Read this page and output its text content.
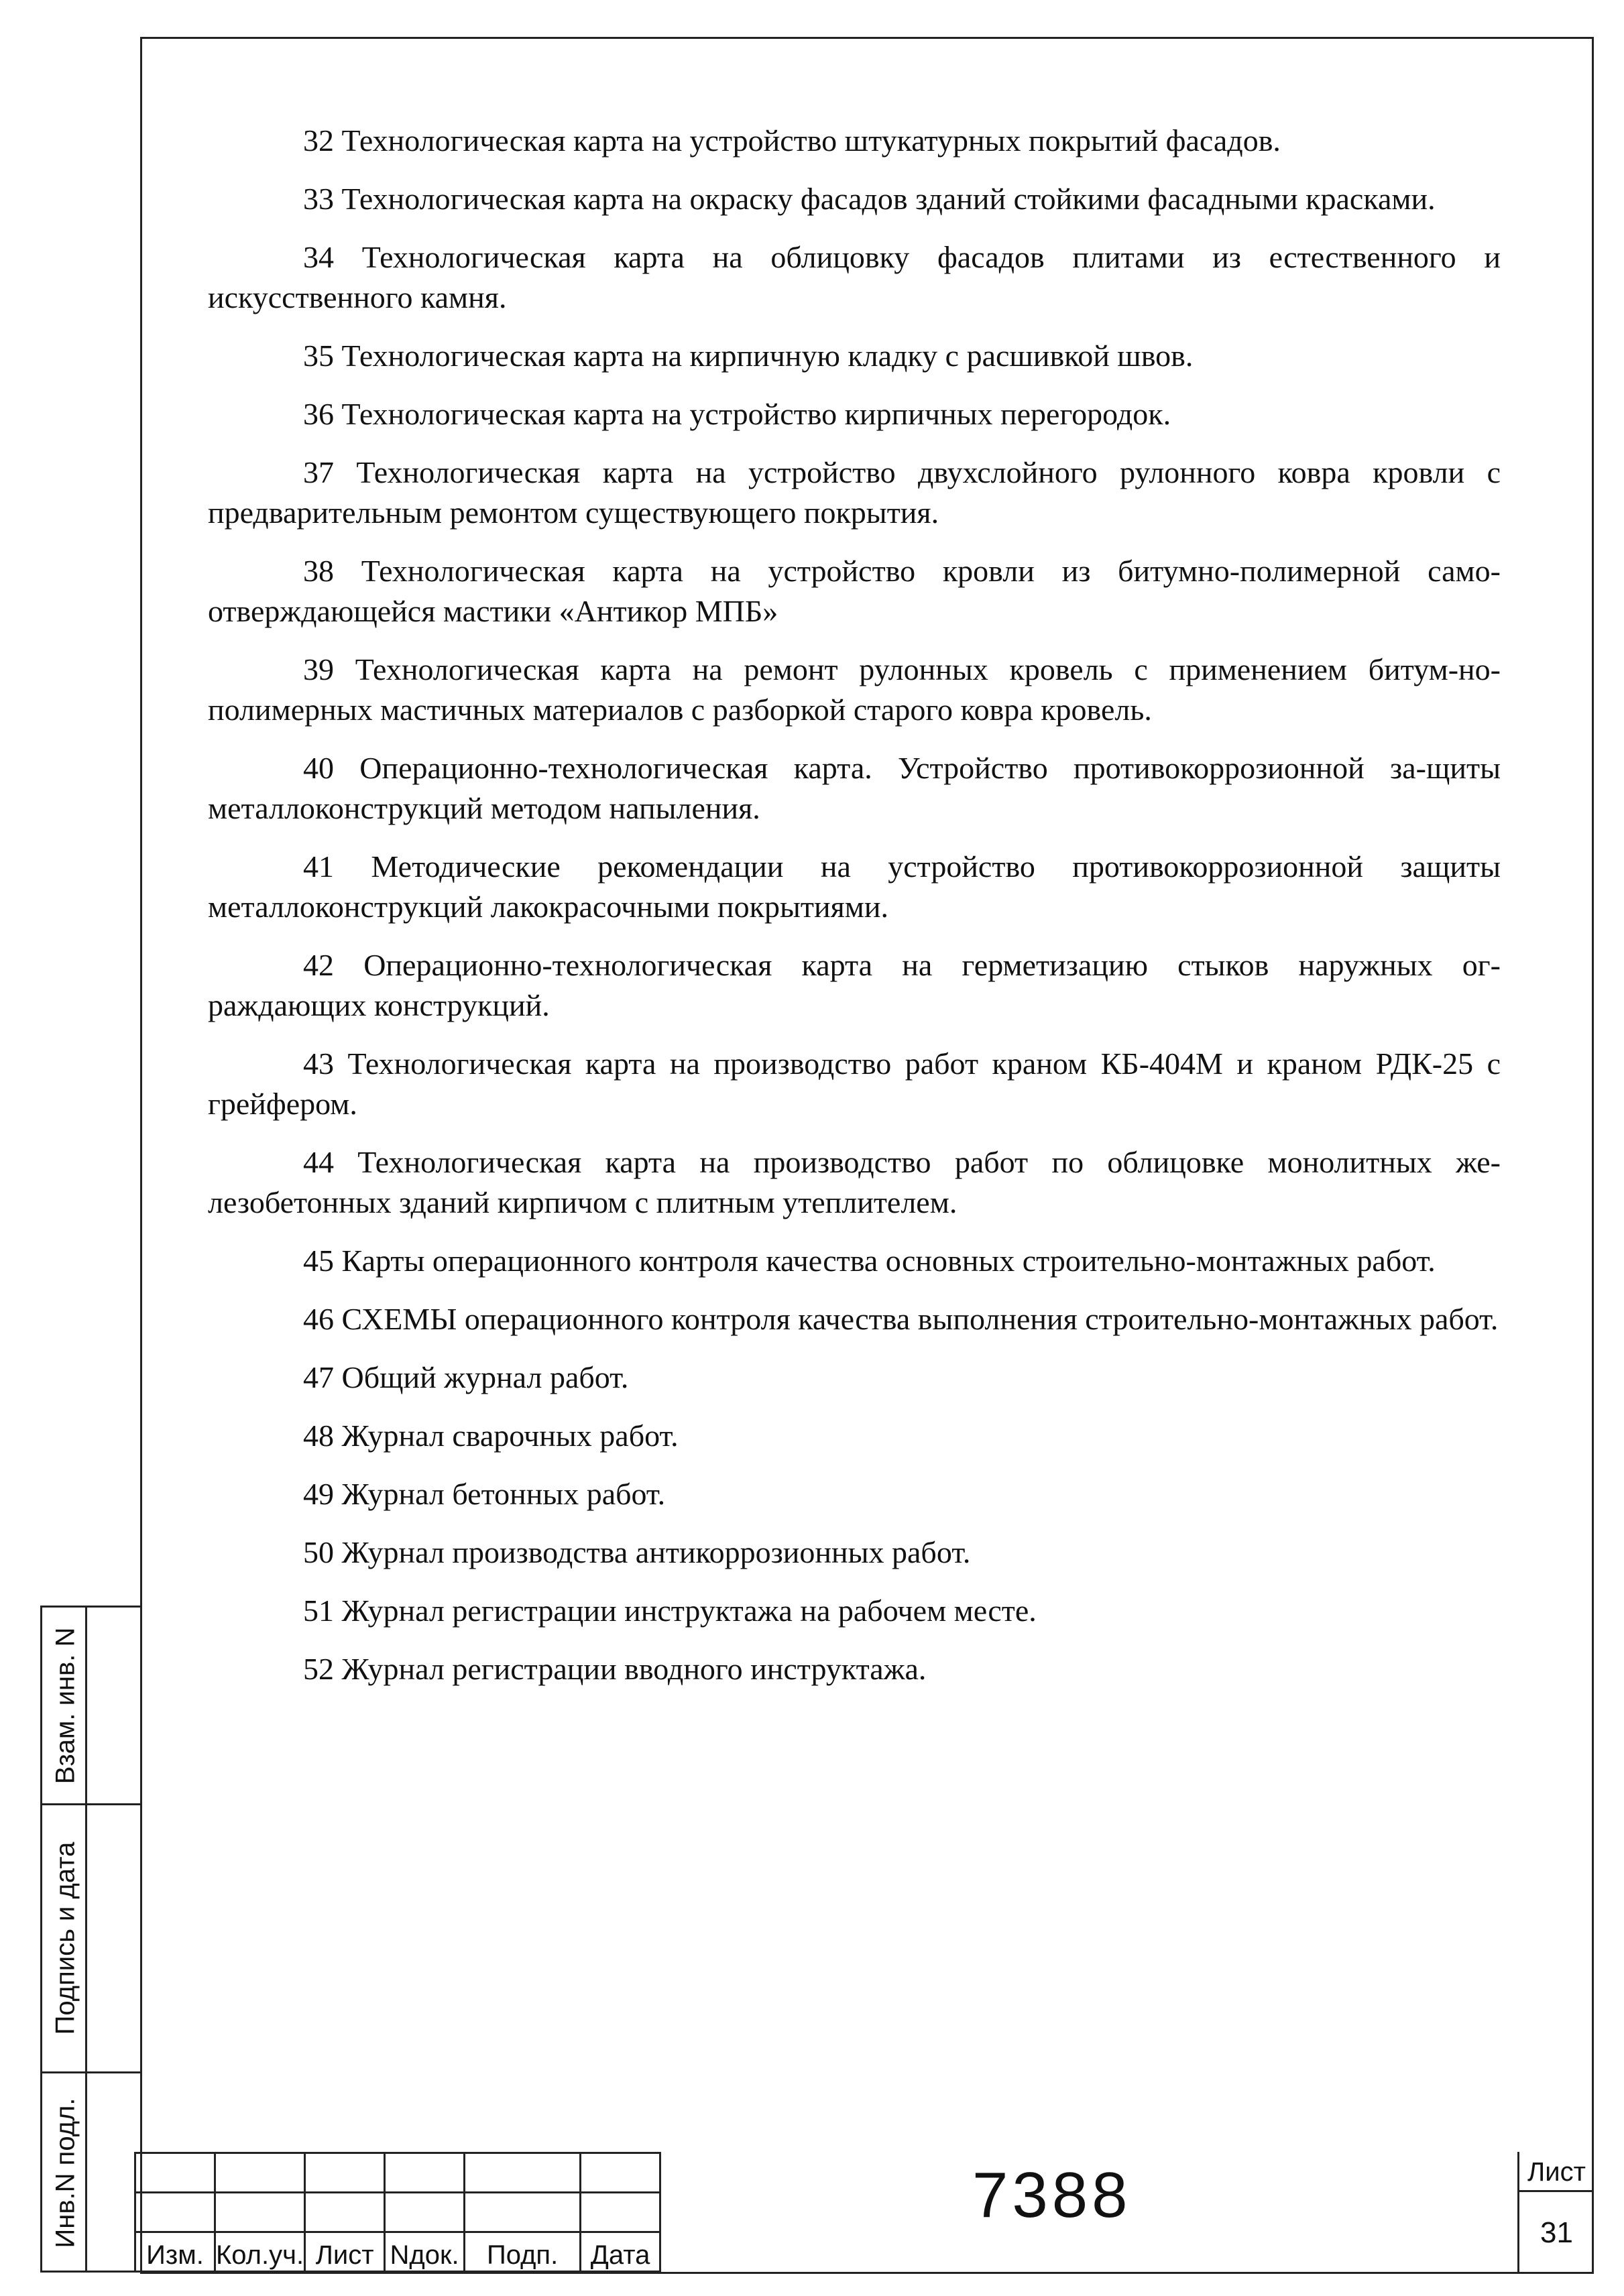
32 Технологическая карта на устройство штукатурных покрытий фасадов.

33 Технологическая карта на окраску фасадов зданий стойкими фасадными красками.

34 Технологическая карта на облицовку фасадов плитами из естественного и искусственного камня.

35 Технологическая карта на кирпичную кладку с расшивкой швов.

36 Технологическая карта на устройство кирпичных перегородок.

37 Технологическая карта на устройство двухслойного рулонного ковра кровли с предварительным ремонтом существующего покрытия.

38 Технологическая карта на устройство кровли из битумно-полимерной само-отверждающейся мастики «Антикор МПБ»

39 Технологическая карта на ремонт рулонных кровель с применением битум-но-полимерных мастичных материалов с разборкой старого ковра кровель.

40 Операционно-технологическая карта. Устройство противокоррозионной за-щиты металлоконструкций методом напыления.

41 Методические рекомендации на устройство противокоррозионной защиты металлоконструкций лакокрасочными покрытиями.

42 Операционно-технологическая карта на герметизацию стыков наружных ог-раждающих конструкций.

43 Технологическая карта на производство работ краном КБ-404М и краном РДК-25 с грейфером.

44 Технологическая карта на производство работ по облицовке монолитных же-лезобетонных зданий кирпичом с плитным утеплителем.

45 Карты операционного контроля качества основных строительно-монтажных работ.

46 СХЕМЫ операционного контроля качества выполнения строительно-монтажных работ.

47 Общий журнал работ.

48 Журнал сварочных работ.

49 Журнал бетонных работ.

50 Журнал производства антикоррозионных работ.

51 Журнал регистрации инструктажа на рабочем месте.

52 Журнал регистрации вводного инструктажа.

Взам. инв. N
Подпись и дата
Инв.N подл.

Изм.	Кол.уч.	Лист	Nдок.	Подп.	Дата
7388	Лист
31
